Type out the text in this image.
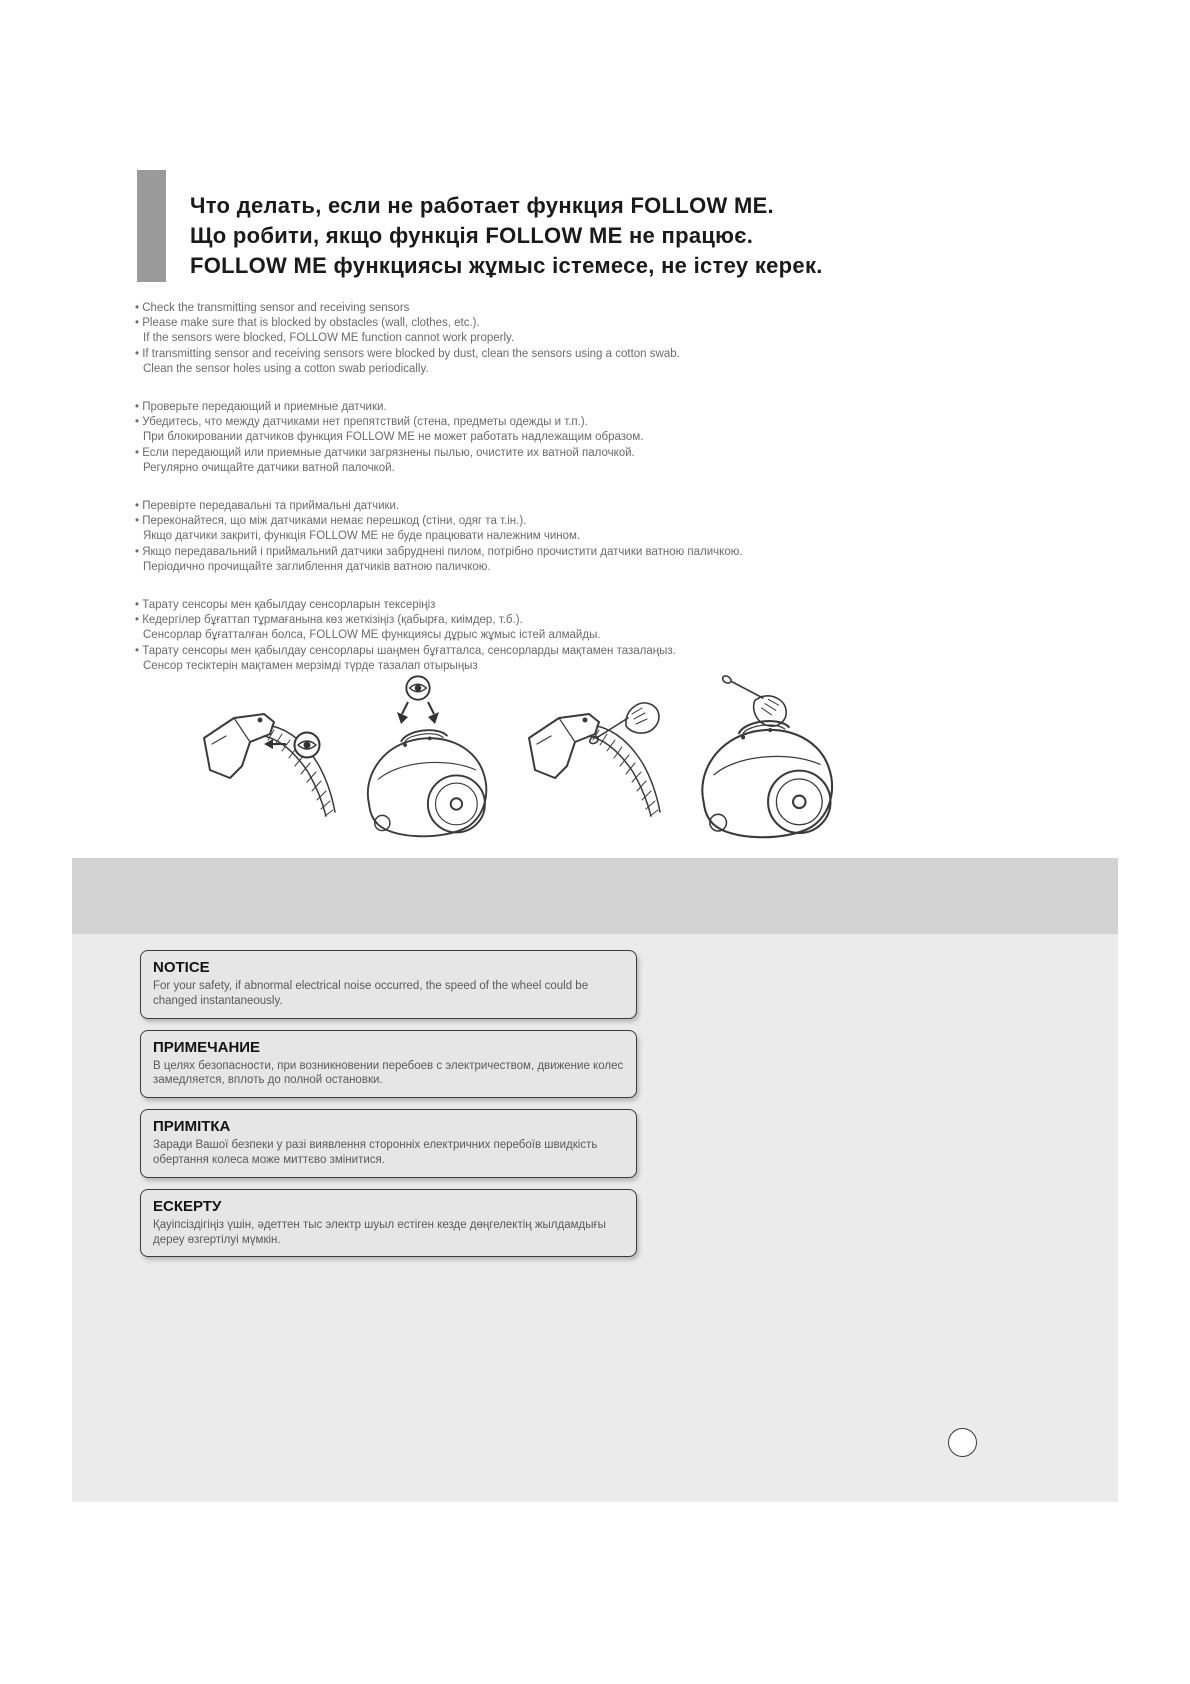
Что делать, если не работает функция FOLLOW ME.
Що робити, якщо функція FOLLOW ME не працює.
FOLLOW ME функциясы жұмыс істемесе, не істеу керек.

• Check the transmitting sensor and receiving sensors

• Please make sure that is blocked by obstacles (wall, clothes, etc.).

If the sensors were blocked, FOLLOW ME function cannot work properly.

• If transmitting sensor and receiving sensors were blocked by dust, clean the sensors using a cotton swab.

Clean the sensor holes using a cotton swab periodically.

• Проверьте передающий и приемные датчики.

• Убедитесь, что между датчиками нет препятствий (стена, предметы одежды и т.п.).

При блокировании датчиков функция FOLLOW ME не может работать надлежащим образом.

• Если передающий или приемные датчики загрязнены пылью, очистите их ватной палочкой.

Регулярно очищайте датчики ватной палочкой.

• Перевірте передавальні та приймальні датчики.

• Переконайтеся, що між датчиками немає перешкод (стіни, одяг та т.ін.).

Якщо датчики закриті, функція FOLLOW ME не буде працювати належним чином.

• Якщо передавальний і приймальний датчики забруднені пилом, потрібно прочистити датчики ватною паличкою.

Періодично прочищайте заглиблення датчиків ватною паличкою.

• Тарату сенсоры мен қабылдау сенсорларын тексеріңіз

• Кедергілер бұғаттап тұрмағанына көз жеткізіңіз (қабырға, киімдер, т.б.).

Сенсорлар бұғатталған болса, FOLLOW ME функциясы дұрыс жұмыс істей алмайды.

• Тарату сенсоры мен қабылдау сенсорлары шаңмен бұғатталса, сенсорларды мақтамен тазалаңыз.

Сенсор тесіктерін мақтамен мерзімді түрде тазалап отырыңыз

NOTICE
For your safety, if abnormal electrical noise occurred, the speed of the wheel could be changed instantaneously.
ПРИМЕЧАНИЕ
В целях безопасности, при возникновении перебоев с электричеством, движение колес замедляется, вплоть до полной остановки.
ПРИМІТКА
Заради Вашої безпеки у разі виявлення сторонніх електричних перебоїв швидкість обертання колеса може миттєво змінитися.
ЕСКЕРТУ
Қауіпсіздігіңіз үшін, әдеттен тыс электр шуыл естіген кезде дөңгелектің жылдамдығы дереу өзгертілуі мүмкін.
